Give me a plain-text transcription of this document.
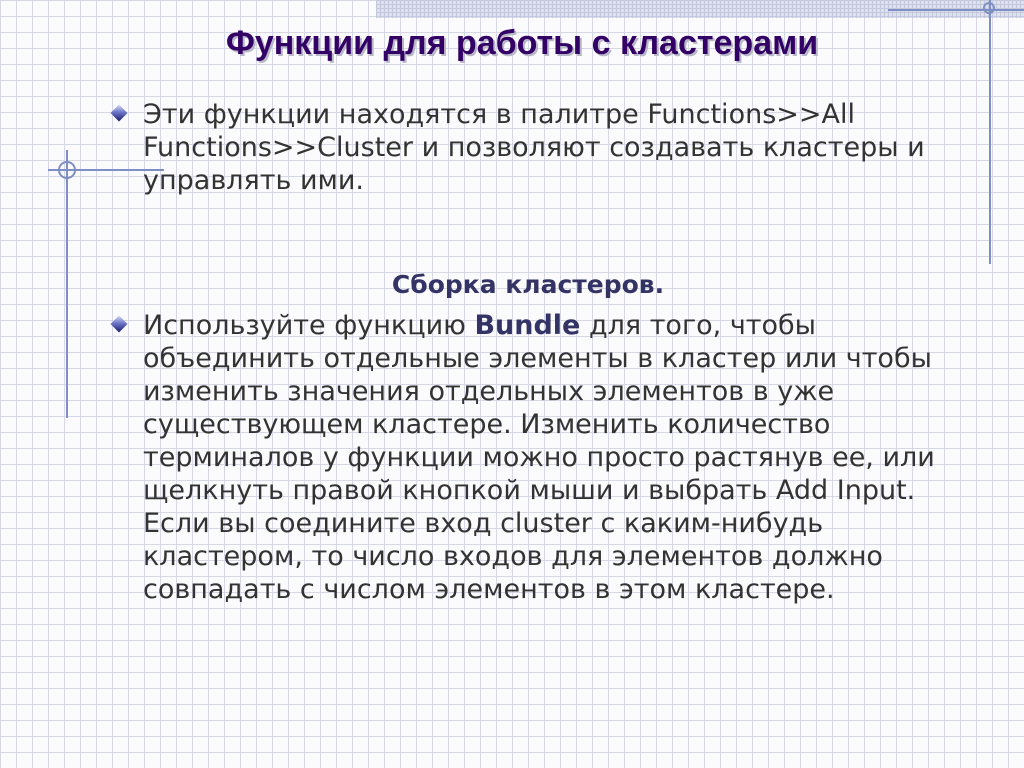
Функции для работы с кластерами
Эти функции находятся в палитре Functions>>All Functions>>Cluster и позволяют создавать кластеры и управлять ими.
Сборка кластеров.
Используйте функцию Bundle для того, чтобы объединить отдельные элементы в кластер или чтобы изменить значения отдельных элементов в уже существующем кластере. Изменить количество терминалов у функции можно просто растянув ее, или щелкнуть правой кнопкой мыши и выбрать Add Input. Если вы соедините вход cluster с каким-нибудь кластером, то число входов для элементов должно совпадать с числом элементов в этом кластере.
